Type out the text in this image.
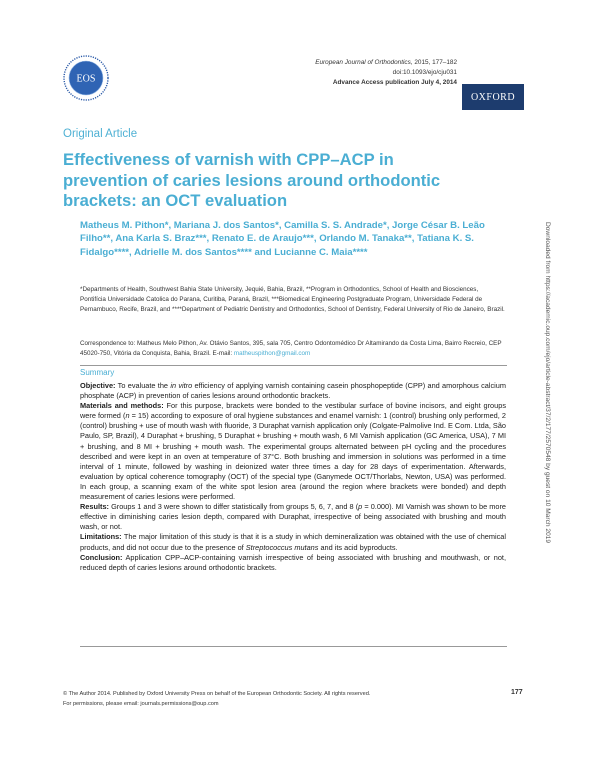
EOS
European Journal of Orthodontics, 2015, 177–182
doi:10.1093/ejo/cju031
Advance Access publication July 4, 2014
OXFORD
Original Article
Effectiveness of varnish with CPP–ACP in prevention of caries lesions around orthodontic brackets: an OCT evaluation
Matheus M. Pithon*, Mariana J. dos Santos*, Camilla S. S. Andrade*, Jorge César B. Leão Filho**, Ana Karla S. Braz***, Renato E. de Araujo***, Orlando M. Tanaka**, Tatiana K. S. Fidalgo****, Adrielle M. dos Santos**** and Lucianne C. Maia****
*Departments of Health, Southwest Bahia State University, Jequié, Bahia, Brazil, **Program in Orthodontics, School of Health and Biosciences, Pontifícia Universidade Catolica do Parana, Curitiba, Paraná, Brazil, ***Biomedical Engineering Postgraduate Program, Universidade Federal de Pernambuco, Recife, Brazil, and ****Department of Pediatric Dentistry and Orthodontics, School of Dentistry, Federal University of Rio de Janeiro, Brazil.
Correspondence to: Matheus Melo Pithon, Av. Otávio Santos, 395, sala 705, Centro Odontomédico Dr Altamirando da Costa Lima, Bairro Recreio, CEP 45020-750, Vitória da Conquista, Bahia, Brazil. E-mail: matheuspithon@gmail.com
Summary

Objective: To evaluate the in vitro efficiency of applying varnish containing casein phosphopeptide (CPP) and amorphous calcium phosphate (ACP) in prevention of caries lesions around orthodontic brackets.

Materials and methods: For this purpose, brackets were bonded to the vestibular surface of bovine incisors, and eight groups were formed (n = 15) according to exposure of oral hygiene substances and enamel varnish: 1 (control) brushing only performed, 2 (control) brushing + use of mouth wash with fluoride, 3 Duraphat varnish application only (Colgate-Palmolive Ind. E Com. Ltda, São Paulo, SP, Brazil), 4 Duraphat + brushing, 5 Duraphat + brushing + mouth wash, 6 MI Varnish application (GC America, USA), 7 MI + brushing, and 8 MI + brushing + mouth wash. The experimental groups alternated between pH cycling and the procedures described and were kept in an oven at temperature of 37°C. Both brushing and immersion in solutions was performed in a time interval of 1 minute, followed by washing in deionized water three times a day for 28 days of experimentation. Afterwards, evaluation by optical coherence tomography (OCT) of the special type (Ganymede OCT/Thorlabs, Newton, USA) was performed. In each group, a scanning exam of the white spot lesion area (around the region where brackets were bonded) and depth measurement of caries lesions were performed.

Results: Groups 1 and 3 were shown to differ statistically from groups 5, 6, 7, and 8 (p = 0.000). MI Varnish was shown to be more effective in diminishing caries lesion depth, compared with Duraphat, irrespective of being associated with brushing and mouth wash, or not.

Limitations: The major limitation of this study is that it is a study in which demineralization was obtained with the use of chemical products, and did not occur due to the presence of Streptococcus mutans and its acid byproducts.

Conclusion: Application CPP–ACP-containing varnish irrespective of being associated with brushing and mouthwash, or not, reduced depth of caries lesions around orthodontic brackets.

© The Author 2014. Published by Oxford University Press on behalf of the European Orthodontic Society. All rights reserved.
For permissions, please email: journals.permissions@oup.com
177
Downloaded from https://academic.oup.com/ejo/article-abstract/37/2/177/2570548 by guest on 10 March 2019
